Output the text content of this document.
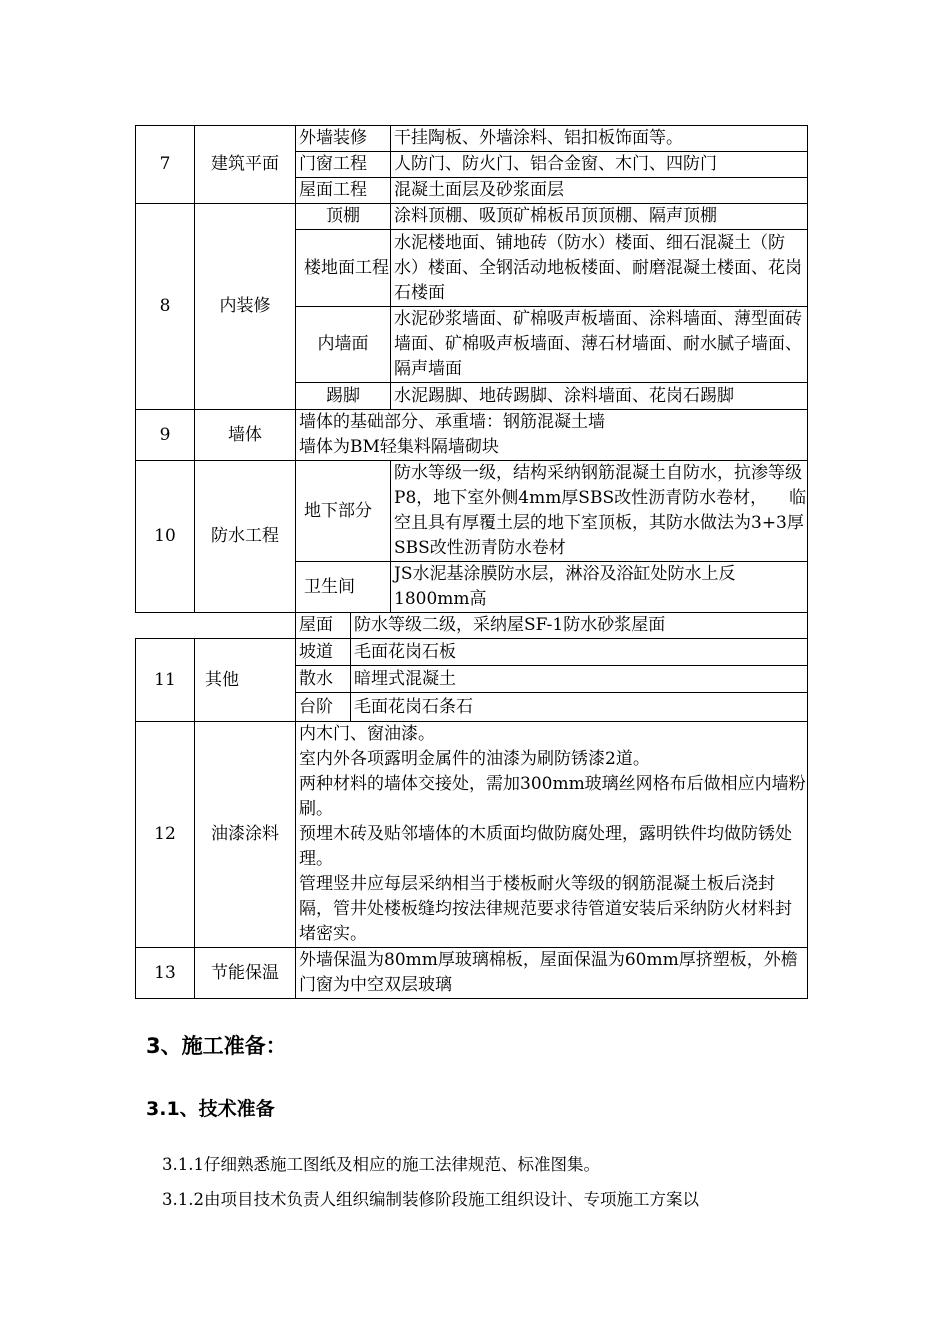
7	建筑平面	外墙装修		干挂陶板、外墙涂料、铝扣板饰面等。
		门窗工程		人防门、防火门、铝合金窗、木门、四防门
		屋面工程		混凝土面层及砂浆面层
8	内装修	顶棚		涂料顶棚、吸顶矿棉板吊顶顶棚、隔声顶棚
		楼地面工程		水泥楼地面、铺地砖（防水）楼面、细石混凝土（防水）楼面、全钢活动地板楼面、耐磨混凝土楼面、花岗石楼面
		内墙面		水泥砂浆墙面、矿棉吸声板墙面、涂料墙面、薄型面砖墙面、矿棉吸声板墙面、薄石材墙面、耐水腻子墙面、隔声墙面
		踢脚		水泥踢脚、地砖踢脚、涂料墙面、花岗石踢脚
9	墙体	墙体的基础部分、承重墙：钢筋混凝土墙
墙体为BM轻集料隔墙砌块		

10	防水工程	地下部分		防水等级一级，结构采纳钢筋混凝土自防水，抗渗等级P8，地下室外侧4mm厚SBS改性沥青防水卷材， 临空且具有厚覆土层的地下室顶板，其防水做法为3+3厚SBS改性沥青防水卷材
		卫生间		JS水泥基涂膜防水层，淋浴及浴缸处防水上反1800mm高
		屋面	防水等级二级，采纳屋SF-1防水砂浆屋面	
11	其他	坡道	毛面花岗石板	
		散水	暗埋式混凝土	
		台阶	毛面花岗石条石	
12	油漆涂料	内木门、窗油漆。
室内外各项露明金属件的油漆为刷防锈漆2道。
两种材料的墙体交接处，需加300mm玻璃丝网格布后做相应内墙粉刷。
预埋木砖及贴邻墙体的木质面均做防腐处理，露明铁件均做防锈处理。
管理竖井应每层采纳相当于楼板耐火等级的钢筋混凝土板后浇封隔，管井处楼板缝均按法律规范要求待管道安装后采纳防火材料封堵密实。		

13	节能保温	外墙保温为80mm厚玻璃棉板，屋面保温为60mm厚挤塑板，外檐门窗为中空双层玻璃		
3、施工准备：
3.1、技术准备
3.1.1仔细熟悉施工图纸及相应的施工法律规范、标准图集。
3.1.2由项目技术负责人组织编制装修阶段施工组织设计、专项施工方案以
